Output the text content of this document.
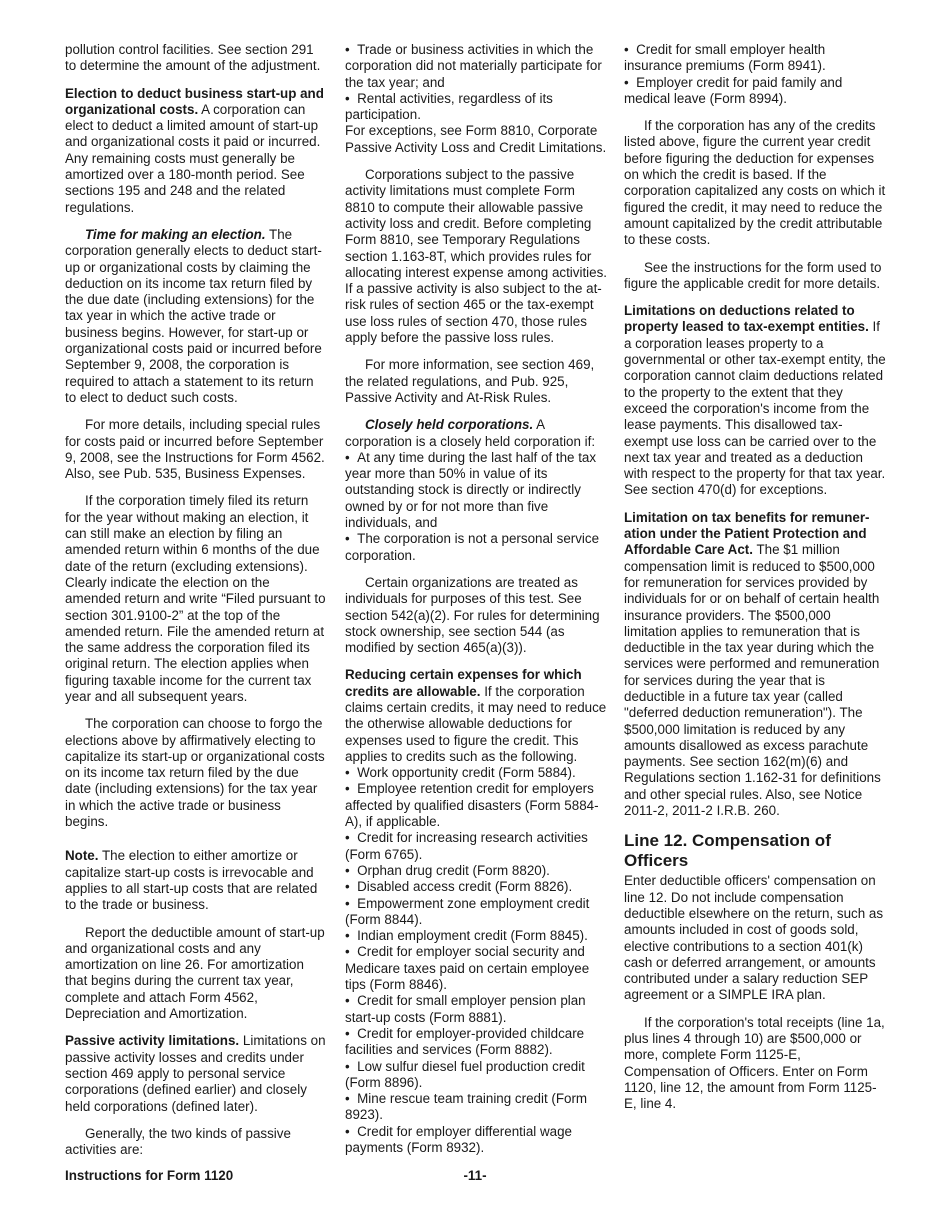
pollution control facilities. See section 291 to determine the amount of the adjustment.

Election to deduct business start-up and organizational costs. A corporation can elect to deduct a limited amount of start-up and organizational costs it paid or incurred. Any remaining costs must generally be amortized over a 180-month period. See sections 195 and 248 and the related regulations.

Time for making an election. The corporation generally elects to deduct start-up or organizational costs by claiming the deduction on its income tax return filed by the due date (including extensions) for the tax year in which the active trade or business begins. However, for start-up or organizational costs paid or incurred before September 9, 2008, the corporation is required to attach a statement to its return to elect to deduct such costs.

For more details, including special rules for costs paid or incurred before September 9, 2008, see the Instructions for Form 4562. Also, see Pub. 535, Business Expenses.

If the corporation timely filed its return for the year without making an election, it can still make an election by filing an amended return within 6 months of the due date of the return (excluding extensions). Clearly indicate the election on the amended return and write “Filed pursuant to section 301.9100-2” at the top of the amended return. File the amended return at the same address the corporation filed its original return. The election applies when figuring taxable income for the current tax year and all subsequent years.

The corporation can choose to forgo the elections above by affirmatively electing to capitalize its start-up or organizational costs on its income tax return filed by the due date (including extensions) for the tax year in which the active trade or business begins.

Note. The election to either amortize or capitalize start-up costs is irrevocable and applies to all start-up costs that are related to the trade or business.

Report the deductible amount of start-up and organizational costs and any amortization on line 26. For amortization that begins during the current tax year, complete and attach Form 4562, Depreciation and Amortization.

Passive activity limitations. Limitations on passive activity losses and credits under section 469 apply to personal service corporations (defined earlier) and closely held corporations (defined later).

Generally, the two kinds of passive activities are:

•  Trade or business activities in which the corporation did not materially participate for the tax year; and

•  Rental activities, regardless of its participation.

For exceptions, see Form 8810, Corporate Passive Activity Loss and Credit Limitations.

Corporations subject to the passive activity limitations must complete Form 8810 to compute their allowable passive activity loss and credit. Before completing Form 8810, see Temporary Regulations section 1.163-8T, which provides rules for allocating interest expense among activities. If a passive activity is also subject to the at-risk rules of section 465 or the tax-exempt use loss rules of section 470, those rules apply before the passive loss rules.

For more information, see section 469, the related regulations, and Pub. 925, Passive Activity and At-Risk Rules.

Closely held corporations. A corporation is a closely held corporation if:

•  At any time during the last half of the tax year more than 50% in value of its outstanding stock is directly or indirectly owned by or for not more than five individuals, and

•  The corporation is not a personal service corporation.

Certain organizations are treated as individuals for purposes of this test. See section 542(a)(2). For rules for determining stock ownership, see section 544 (as modified by section 465(a)(3)).

Reducing certain expenses for which credits are allowable. If the corporation claims certain credits, it may need to reduce the otherwise allowable deductions for expenses used to figure the credit. This applies to credits such as the following.

•  Work opportunity credit (Form 5884).

•  Employee retention credit for employers affected by qualified disasters (Form 5884-A), if applicable.

•  Credit for increasing research activities (Form 6765).

•  Orphan drug credit (Form 8820).

•  Disabled access credit (Form 8826).

•  Empowerment zone employment credit (Form 8844).

•  Indian employment credit (Form 8845).

•  Credit for employer social security and Medicare taxes paid on certain employee tips (Form 8846).

•  Credit for small employer pension plan start-up costs (Form 8881).

•  Credit for employer-provided childcare facilities and services (Form 8882).

•  Low sulfur diesel fuel production credit (Form 8896).

•  Mine rescue team training credit (Form 8923).

•  Credit for employer differential wage payments (Form 8932).

•  Credit for small employer health insurance premiums (Form 8941).

•  Employer credit for paid family and medical leave (Form 8994).

If the corporation has any of the credits listed above, figure the current year credit before figuring the deduction for expenses on which the credit is based. If the corporation capitalized any costs on which it figured the credit, it may need to reduce the amount capitalized by the credit attributable to these costs.

See the instructions for the form used to figure the applicable credit for more details.

Limitations on deductions related to property leased to tax-exempt entities. If a corporation leases property to a governmental or other tax-exempt entity, the corporation cannot claim deductions related to the property to the extent that they exceed the corporation's income from the lease payments. This disallowed tax-exempt use loss can be carried over to the next tax year and treated as a deduction with respect to the property for that tax year. See section 470(d) for exceptions.

Limitation on tax benefits for remuner-ation under the Patient Protection and Affordable Care Act. The $1 million compensation limit is reduced to $500,000 for remuneration for services provided by individuals for or on behalf of certain health insurance providers. The $500,000 limitation applies to remuneration that is deductible in the tax year during which the services were performed and remuneration for services during the year that is deductible in a future tax year (called "deferred deduction remuneration"). The $500,000 limitation is reduced by any amounts disallowed as excess parachute payments. See section 162(m)(6) and Regulations section 1.162-31 for definitions and other special rules. Also, see Notice 2011-2, 2011-2 I.R.B. 260.

Line 12. Compensation of Officers

Enter deductible officers' compensation on line 12. Do not include compensation deductible elsewhere on the return, such as amounts included in cost of goods sold, elective contributions to a section 401(k) cash or deferred arrangement, or amounts contributed under a salary reduction SEP agreement or a SIMPLE IRA plan.

If the corporation's total receipts (line 1a, plus lines 4 through 10) are $500,000 or more, complete Form 1125-E, Compensation of Officers. Enter on Form 1120, line 12, the amount from Form 1125-E, line 4.

Instructions for Form 1120	-11-
